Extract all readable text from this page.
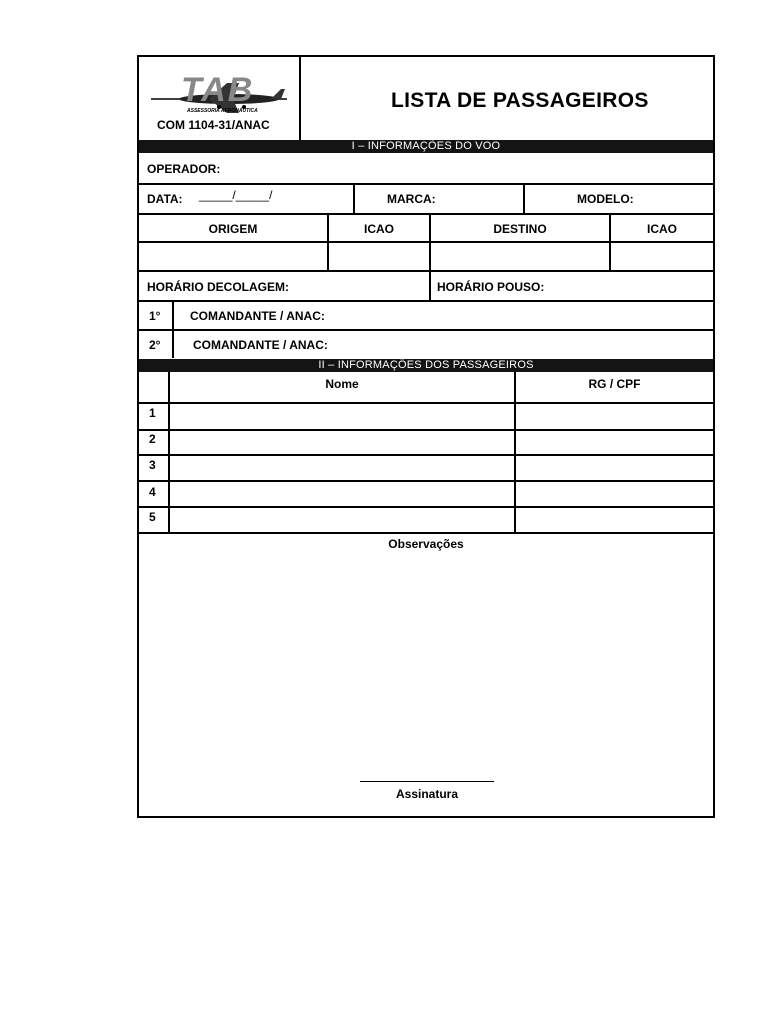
TAB
ASSESSORIA AERONÁUTICA
COM 1104-31/ANAC
LISTA DE PASSAGEIROS
I – INFORMAÇÕES DO VOO
OPERADOR:
DATA: _____/_____/	MARCA:	MODELO:
ORIGEM	ICAO	DESTINO	ICAO
HORÁRIO DECOLAGEM:	HORÁRIO POUSO:
1° COMANDANTE / ANAC:
2°	COMANDANTE / ANAC:
II – INFORMAÇÕES DOS PASSAGEIROS
Nome	RG / CPF
1
2
3
4
5
Observações
Assinatura
